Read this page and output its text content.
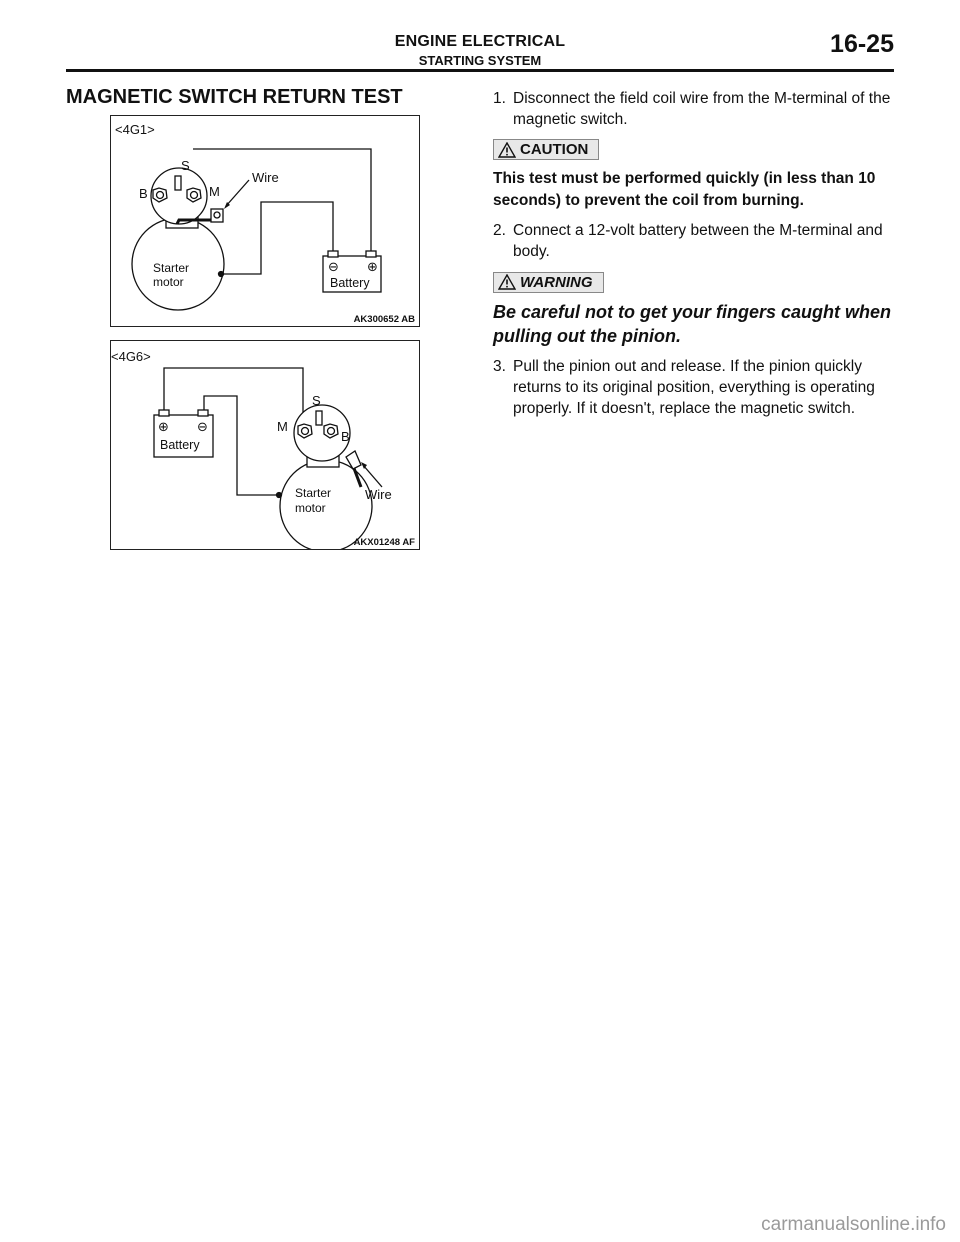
ENGINE ELECTRICAL
STARTING SYSTEM
16-25
MAGNETIC SWITCH RETURN TEST
<4G1>
S
B	M
Wire
Starter
motor
⊖ ⊕
Battery
AK300652 AB
<4G6>
S
M
B
Wire
Starter
motor
⊕ ⊖
Battery
AKX01248 AF

1. Disconnect the field coil wire from the M-terminal of the magnetic switch.

CAUTION

This test must be performed quickly (in less than 10 seconds) to prevent the coil from burning.

2. Connect a 12-volt battery between the M-terminal and body.

WARNING

Be careful not to get your fingers caught when pulling out the pinion.

3. Pull the pinion out and release. If the pinion quickly returns to its original position, everything is operating properly. If it doesn't, replace the magnetic switch.

carmanualsonline.info
